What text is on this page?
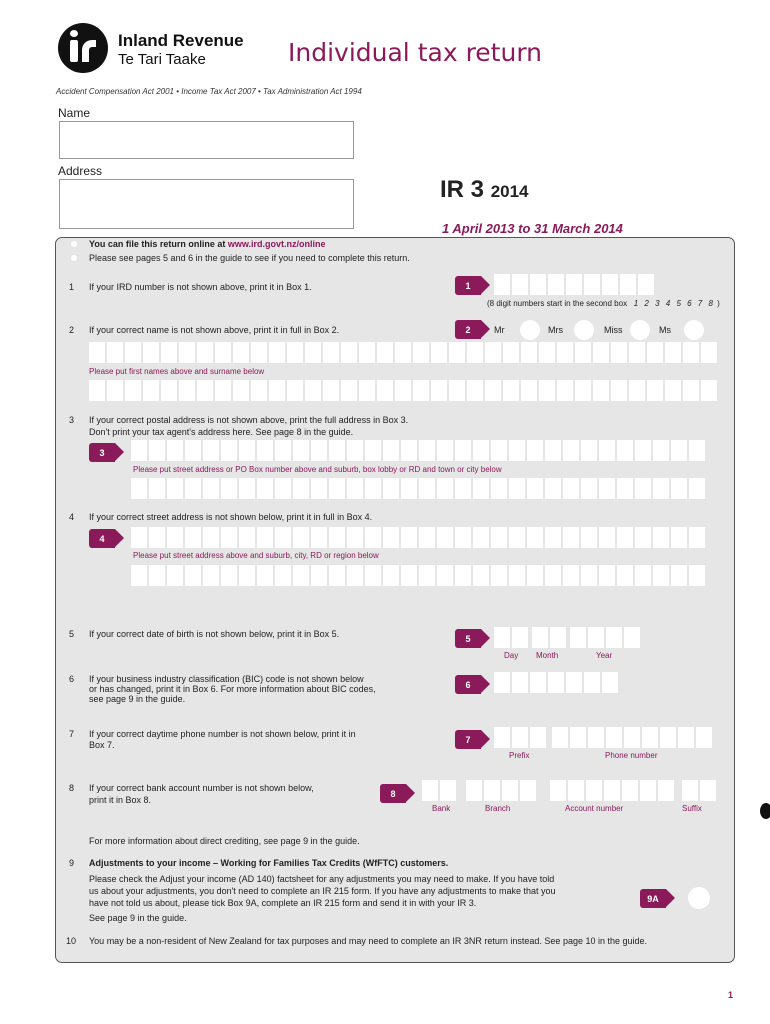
Inland Revenue
Te Tari Taake	Individual tax return
Accident Compensation Act 2001 • Income Tax Act 2007 • Tax Administration Act 1994
Name
Address
IR 3 2014
1 April 2013 to 31 March 2014
You can file this return online at www.ird.govt.nz/online
Please see pages 5 and 6 in the guide to see if you need to complete this return.
1 If your IRD number is not shown above, print it in Box 1.	1
(8 digit numbers start in the second box 1 2 3 4 5 6 7 8 )
2 If your correct name is not shown above, print it in full in Box 2.	2	Mr	Mrs	Miss	Ms
Please put first names above and surname below
3 If your correct postal address is not shown above, print the full address in Box 3.
Don't print your tax agent's address here. See page 8 in the guide.
3
Please put street address or PO Box number above and suburb, box lobby or RD and town or city below
4 If your correct street address is not shown below, print it in full in Box 4.
4
Please put street address above and suburb, city, RD or region below
5 If your correct date of birth is not shown below, print it in Box 5.	5
Day Month	Year
6 If your business industry classification (BIC) code is not shown below
or has changed, print it in Box 6. For more information about BIC codes,
see page 9 in the guide.
6
7 If your correct daytime phone number is not shown below, print it in
Box 7.
7
Prefix	Phone number
8 If your correct bank account number is not shown below,
print it in Box 8.
8
Bank	Branch	Account number	Suffix
For more information about direct crediting, see page 9 in the guide.
9 Adjustments to your income – Working for Families Tax Credits (WfFTC) customers.
Please check the Adjust your income (AD 140) factsheet for any adjustments you may need to make. If you have told
us about your adjustments, you don't need to complete an IR 215 form. If you have any adjustments to make that you
have not told us about, please tick Box 9A, complete an IR 215 form and send it in with your IR 3.
See page 9 in the guide.
9A
10 You may be a non-resident of New Zealand for tax purposes and may need to complete an IR 3NR return instead. See page 10 in the guide.
1
